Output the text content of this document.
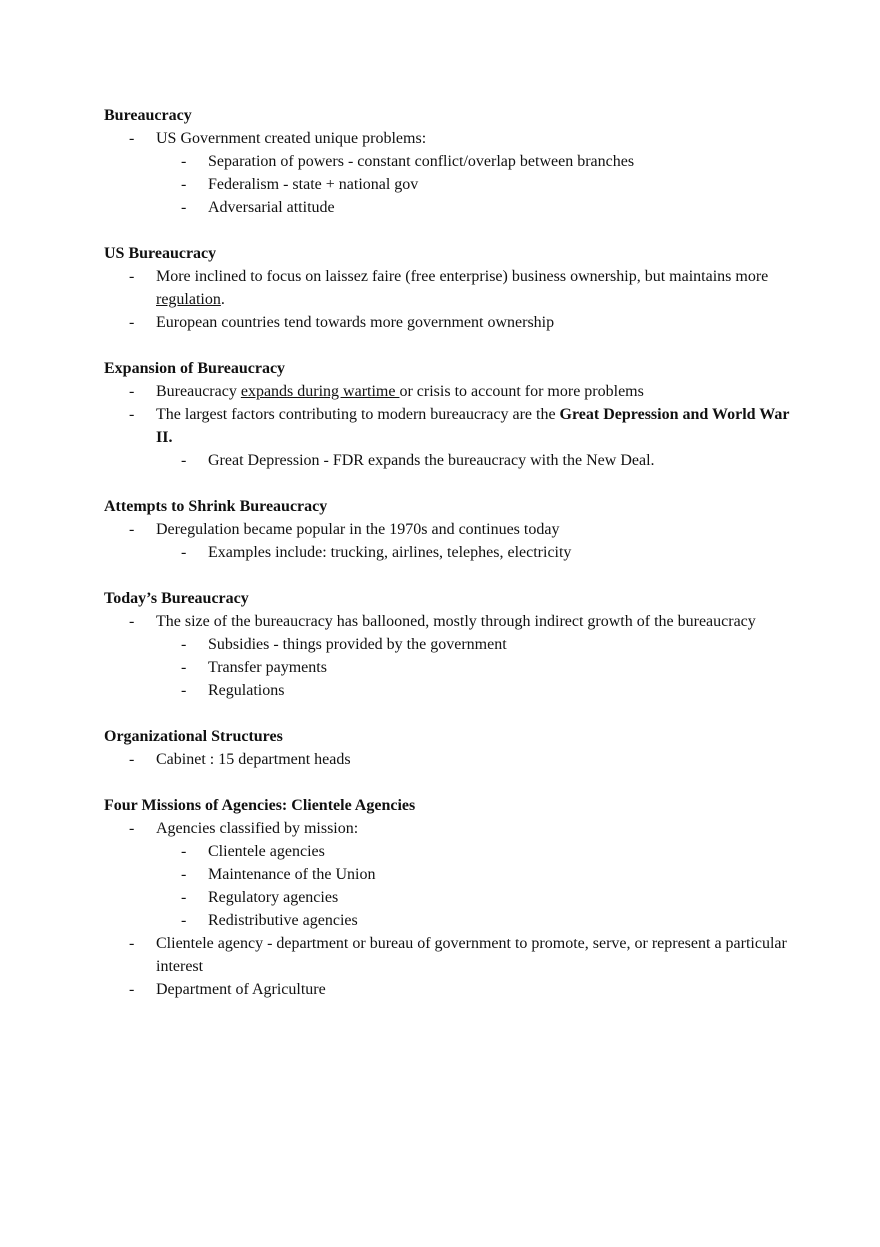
Bureaucracy
- US Government created unique problems:
- Separation of powers - constant conflict/overlap between branches
- Federalism - state + national gov
- Adversarial attitude
US Bureaucracy
- More inclined to focus on laissez faire (free enterprise) business ownership, but maintains more regulation.
- European countries tend towards more government ownership
Expansion of Bureaucracy
- Bureaucracy expands during wartime or crisis to account for more problems
- The largest factors contributing to modern bureaucracy are the Great Depression and World War II.
- Great Depression - FDR expands the bureaucracy with the New Deal.
Attempts to Shrink Bureaucracy
- Deregulation became popular in the 1970s and continues today
- Examples include: trucking, airlines, telephes, electricity
Today’s Bureaucracy
- The size of the bureaucracy has ballooned, mostly through indirect growth of the bureaucracy
- Subsidies - things provided by the government
- Transfer payments
- Regulations
Organizational Structures
- Cabinet : 15 department heads
Four Missions of Agencies: Clientele Agencies
- Agencies classified by mission:
- Clientele agencies
- Maintenance of the Union
- Regulatory agencies
- Redistributive agencies
- Clientele agency - department or bureau of government to promote, serve, or represent a particular interest
- Department of Agriculture
